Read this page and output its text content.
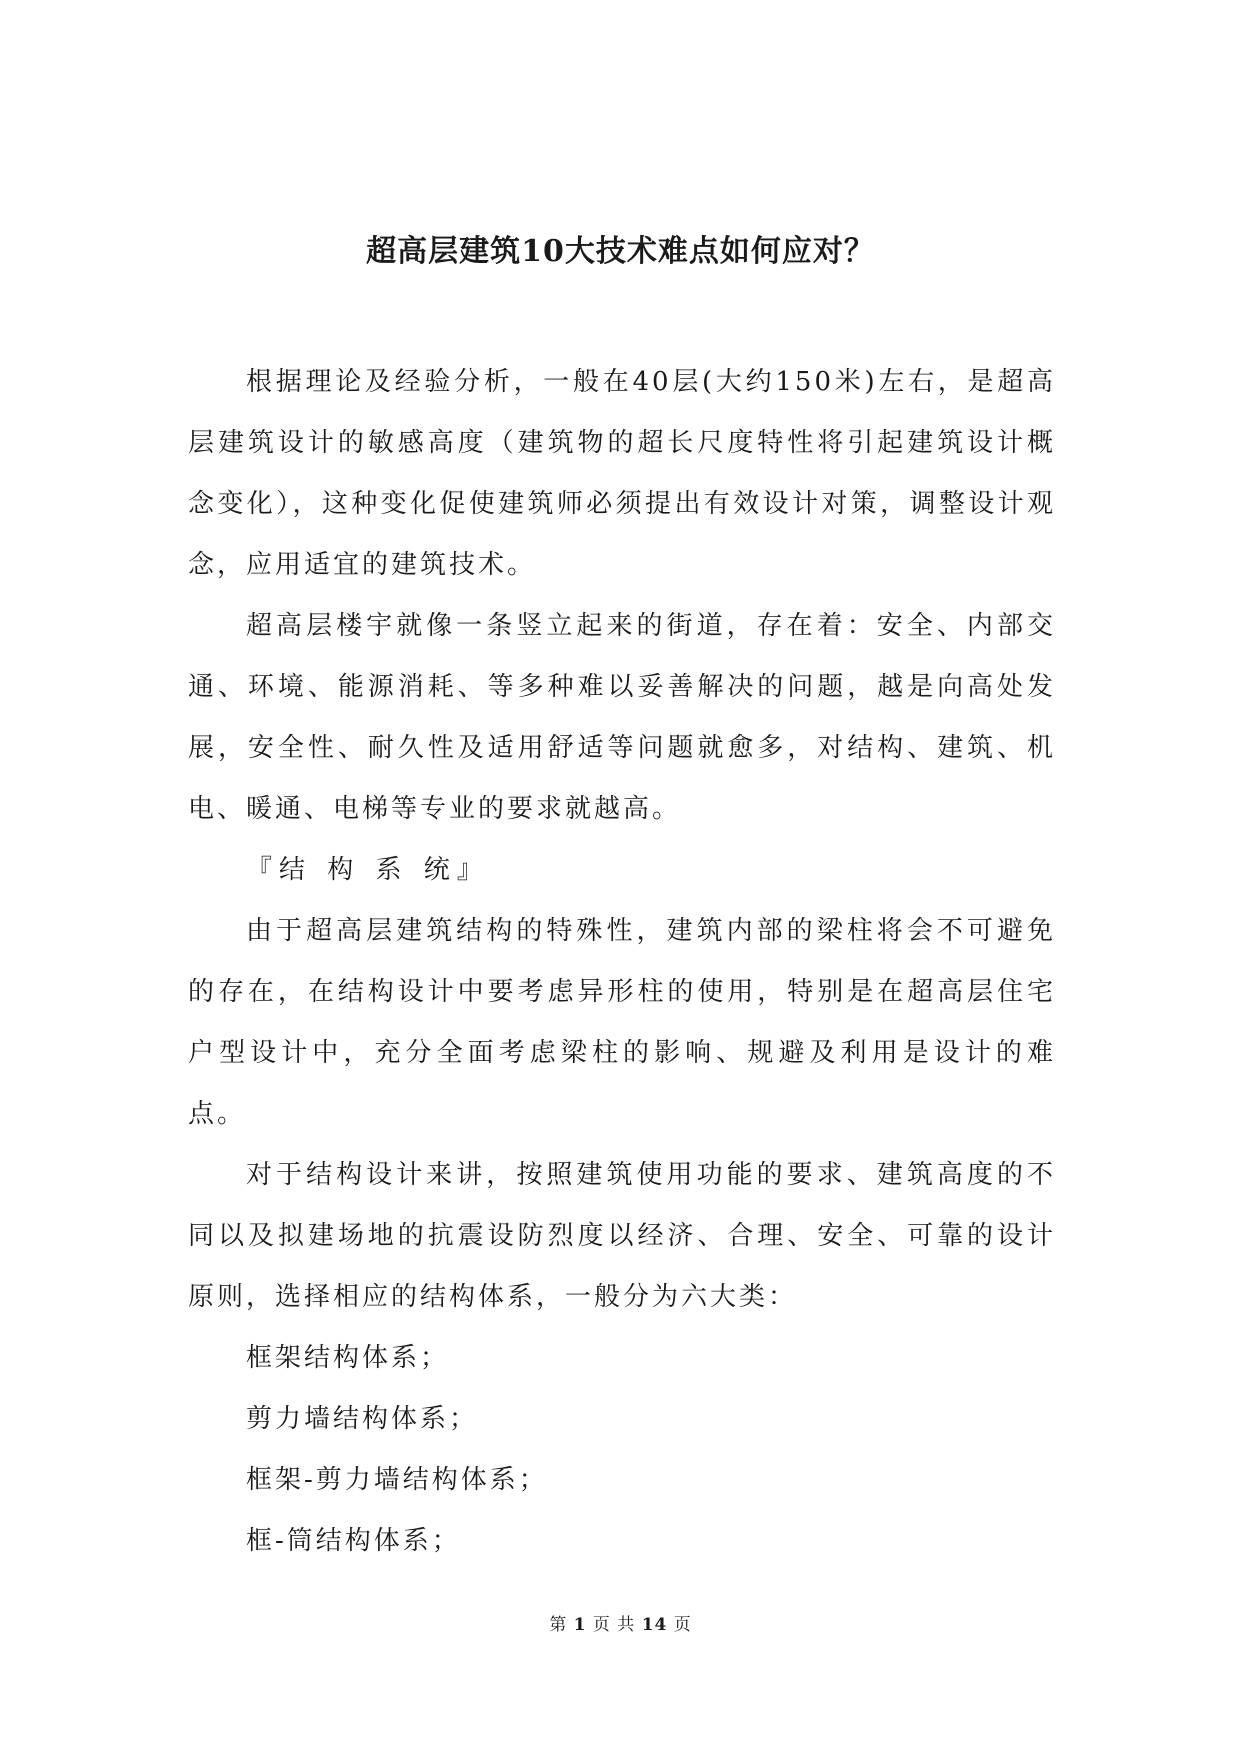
超高层建筑10大技术难点如何应对？

根据理论及经验分析，一般在40层(大约150米)左右，是超高层建筑设计的敏感高度（建筑物的超长尺度特性将引起建筑设计概念变化），这种变化促使建筑师必须提出有效设计对策，调整设计观念，应用适宜的建筑技术。

超高层楼宇就像一条竖立起来的街道，存在着：安全、内部交通、环境、能源消耗、等多种难以妥善解决的问题，越是向高处发展，安全性、耐久性及适用舒适等问题就愈多，对结构、建筑、机电、暖通、电梯等专业的要求就越高。

『结 构 系 统』

由于超高层建筑结构的特殊性，建筑内部的梁柱将会不可避免的存在，在结构设计中要考虑异形柱的使用，特别是在超高层住宅户型设计中，充分全面考虑梁柱的影响、规避及利用是设计的难点。

对于结构设计来讲，按照建筑使用功能的要求、建筑高度的不同以及拟建场地的抗震设防烈度以经济、合理、安全、可靠的设计原则，选择相应的结构体系，一般分为六大类：

框架结构体系；

剪力墙结构体系；

框架-剪力墙结构体系；

框-筒结构体系；

第 1 页 共 14 页
